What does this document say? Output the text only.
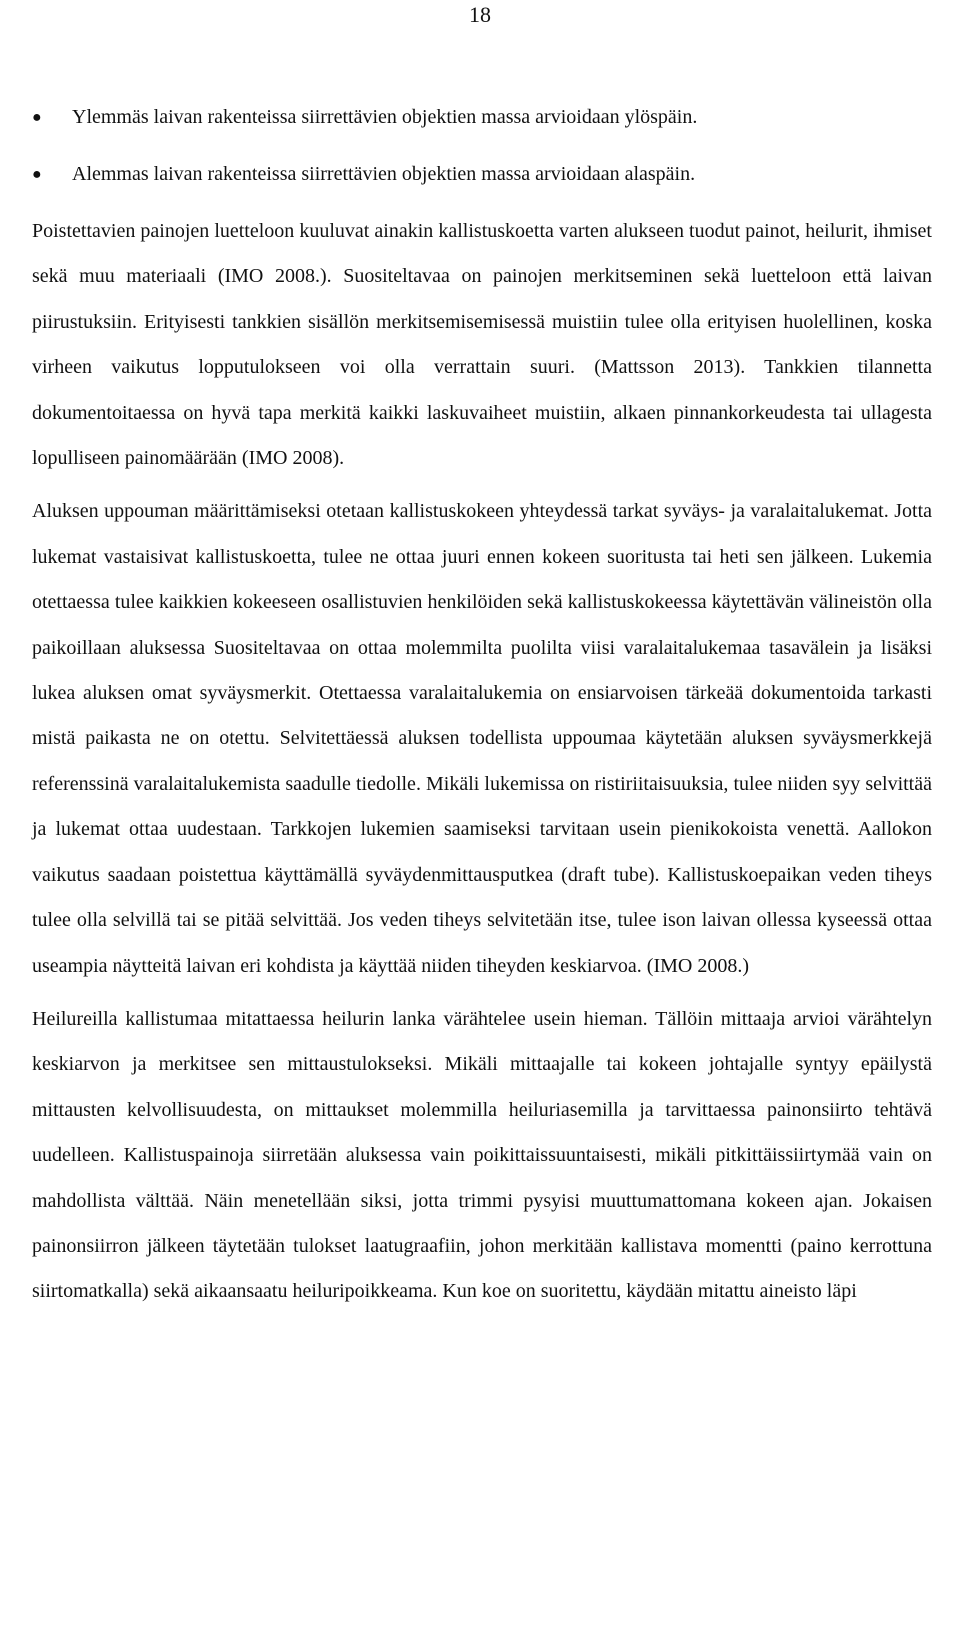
18
●	Ylemmäs laivan rakenteissa siirrettävien objektien massa arvioidaan ylöspäin.
●	Alemmas laivan rakenteissa siirrettävien objektien massa arvioidaan alaspäin.

Poistettavien painojen luetteloon kuuluvat ainakin kallistuskoetta varten alukseen tuodut painot, heilurit, ihmiset sekä muu materiaali (IMO 2008.). Suositeltavaa on painojen merkitseminen sekä luetteloon että laivan piirustuksiin. Erityisesti tankkien sisällön merkitsemisemisessä muistiin tulee olla erityisen huolellinen, koska virheen vaikutus lopputulokseen voi olla verrattain suuri. (Mattsson 2013). Tankkien tilannetta dokumentoitaessa on hyvä tapa merkitä kaikki laskuvaiheet muistiin, alkaen pinnankorkeudesta tai ullagesta lopulliseen painomäärään (IMO 2008).

Aluksen uppouman määrittämiseksi otetaan kallistuskokeen yhteydessä tarkat syväys- ja varalaitalukemat. Jotta lukemat vastaisivat kallistuskoetta, tulee ne ottaa juuri ennen kokeen suoritusta tai heti sen jälkeen. Lukemia otettaessa tulee kaikkien kokeeseen osallistuvien henkilöiden sekä kallistuskokeessa käytettävän välineistön olla paikoillaan aluksessa Suositeltavaa on ottaa molemmilta puolilta viisi varalaitalukemaa tasavälein ja lisäksi lukea aluksen omat syväysmerkit. Otettaessa varalaitalukemia on ensiarvoisen tärkeää dokumentoida tarkasti mistä paikasta ne on otettu. Selvitettäessä aluksen todellista uppoumaa käytetään aluksen syväysmerkkejä referenssinä varalaitalukemista saadulle tiedolle. Mikäli lukemissa on ristiriitaisuuksia, tulee niiden syy selvittää ja lukemat ottaa uudestaan. Tarkkojen lukemien saamiseksi tarvitaan usein pienikokoista venettä. Aallokon vaikutus saadaan poistettua käyttämällä syväydenmittausputkea (draft tube). Kallistuskoepaikan veden tiheys tulee olla selvillä tai se pitää selvittää. Jos veden tiheys selvitetään itse, tulee ison laivan ollessa kyseessä ottaa useampia näytteitä laivan eri kohdista ja käyttää niiden tiheyden keskiarvoa. (IMO 2008.)

Heilureilla kallistumaa mitattaessa heilurin lanka värähtelee usein hieman. Tällöin mittaaja arvioi värähtelyn keskiarvon ja merkitsee sen mittaustulokseksi. Mikäli mittaajalle tai kokeen johtajalle syntyy epäilystä mittausten kelvollisuudesta, on mittaukset molemmilla heiluriasemilla ja tarvittaessa painonsiirto tehtävä uudelleen. Kallistuspainoja siirretään aluksessa vain poikittaissuuntaisesti, mikäli pitkittäissiirtymää vain on mahdollista välttää. Näin menetellään siksi, jotta trimmi pysyisi muuttumattomana kokeen ajan. Jokaisen painonsiirron jälkeen täytetään tulokset laatugraafiin, johon merkitään kallistava momentti (paino kerrottuna siirtomatkalla) sekä aikaansaatu heiluripoikkeama. Kun koe on suoritettu, käydään mitattu aineisto läpi
